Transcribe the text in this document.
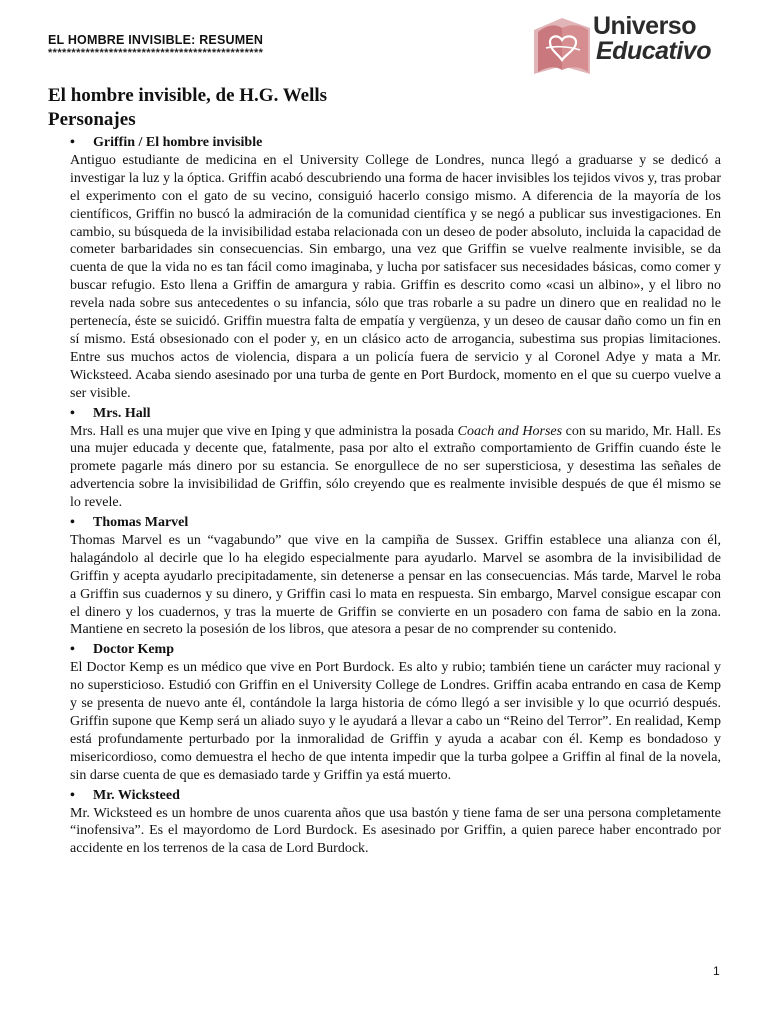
EL HOMBRE INVISIBLE: RESUMEN
**********************************************
Universo
Educativo
El hombre invisible, de H.G. Wells
Personajes
• Griffin / El hombre invisible

Antiguo estudiante de medicina en el University College de Londres, nunca llegó a graduarse y se dedicó a investigar la luz y la óptica. Griffin acabó descubriendo una forma de hacer invisibles los tejidos vivos y, tras probar el experimento con el gato de su vecino, consiguió hacerlo consigo mismo. A diferencia de la mayoría de los científicos, Griffin no buscó la admiración de la comunidad científica y se negó a publicar sus investigaciones. En cambio, su búsqueda de la invisibilidad estaba relacionada con un deseo de poder absoluto, incluida la capacidad de cometer barbaridades sin consecuencias. Sin embargo, una vez que Griffin se vuelve realmente invisible, se da cuenta de que la vida no es tan fácil como imaginaba, y lucha por satisfacer sus necesidades básicas, como comer y buscar refugio. Esto llena a Griffin de amargura y rabia. Griffin es descrito como «casi un albino», y el libro no revela nada sobre sus antecedentes o su infancia, sólo que tras robarle a su padre un dinero que en realidad no le pertenecía, éste se suicidó. Griffin muestra falta de empatía y vergüenza, y un deseo de causar daño como un fin en sí mismo. Está obsesionado con el poder y, en un clásico acto de arrogancia, subestima sus propias limitaciones. Entre sus muchos actos de violencia, dispara a un policía fuera de servicio y al Coronel Adye y mata a Mr. Wicksteed. Acaba siendo asesinado por una turba de gente en Port Burdock, momento en el que su cuerpo vuelve a ser visible.

• Mrs. Hall

Mrs. Hall es una mujer que vive en Iping y que administra la posada Coach and Horses con su marido, Mr. Hall. Es una mujer educada y decente que, fatalmente, pasa por alto el extraño comportamiento de Griffin cuando éste le promete pagarle más dinero por su estancia. Se enorgullece de no ser supersticiosa, y desestima las señales de advertencia sobre la invisibilidad de Griffin, sólo creyendo que es realmente invisible después de que él mismo se lo revele.

• Thomas Marvel

Thomas Marvel es un “vagabundo” que vive en la campiña de Sussex. Griffin establece una alianza con él, halagándolo al decirle que lo ha elegido especialmente para ayudarlo. Marvel se asombra de la invisibilidad de Griffin y acepta ayudarlo precipitadamente, sin detenerse a pensar en las consecuencias. Más tarde, Marvel le roba a Griffin sus cuadernos y su dinero, y Griffin casi lo mata en respuesta. Sin embargo, Marvel consigue escapar con el dinero y los cuadernos, y tras la muerte de Griffin se convierte en un posadero con fama de sabio en la zona. Mantiene en secreto la posesión de los libros, que atesora a pesar de no comprender su contenido.

• Doctor Kemp

El Doctor Kemp es un médico que vive en Port Burdock. Es alto y rubio; también tiene un carácter muy racional y no supersticioso. Estudió con Griffin en el University College de Londres. Griffin acaba entrando en casa de Kemp y se presenta de nuevo ante él, contándole la larga historia de cómo llegó a ser invisible y lo que ocurrió después. Griffin supone que Kemp será un aliado suyo y le ayudará a llevar a cabo un “Reino del Terror”. En realidad, Kemp está profundamente perturbado por la inmoralidad de Griffin y ayuda a acabar con él. Kemp es bondadoso y misericordioso, como demuestra el hecho de que intenta impedir que la turba golpee a Griffin al final de la novela, sin darse cuenta de que es demasiado tarde y Griffin ya está muerto.

• Mr. Wicksteed

Mr. Wicksteed es un hombre de unos cuarenta años que usa bastón y tiene fama de ser una persona completamente “inofensiva”. Es el mayordomo de Lord Burdock. Es asesinado por Griffin, a quien parece haber encontrado por accidente en los terrenos de la casa de Lord Burdock.

1
